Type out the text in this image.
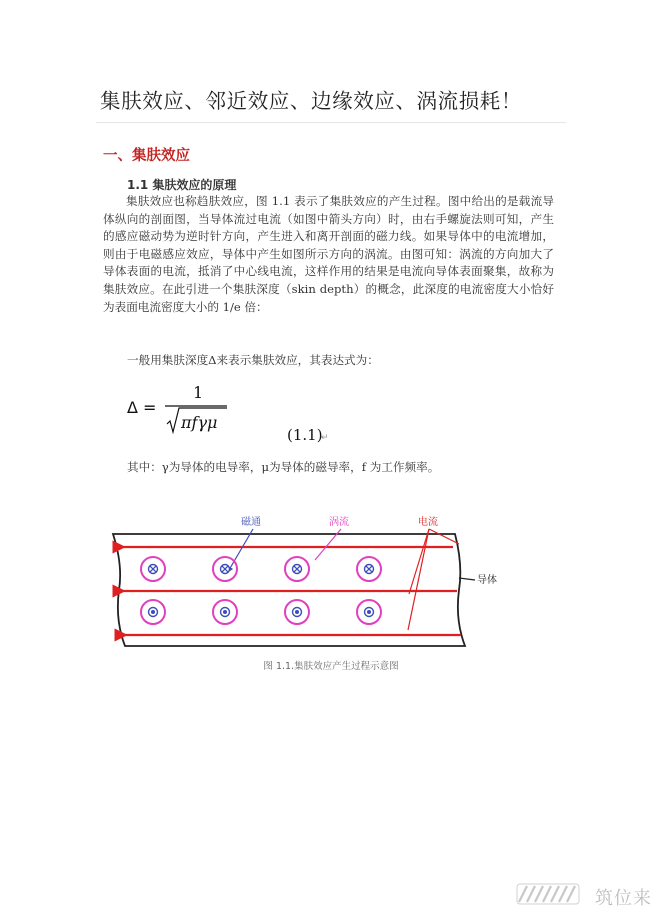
集肤效应、邻近效应、边缘效应、涡流损耗！
一、集肤效应
1.1 集肤效应的原理

集肤效应也称趋肤效应，图 1.1 表示了集肤效应的产生过程。图中给出的是载流导体纵向的剖面图，当导体流过电流（如图中箭头方向）时，由右手螺旋法则可知，产生的感应磁动势为逆时针方向，产生进入和离开剖面的磁力线。如果导体中的电流增加，则由于电磁感应效应，导体中产生如图所示方向的涡流。由图可知：涡流的方向加大了导体表面的电流，抵消了中心线电流，这样作用的结果是电流向导体表面聚集，故称为集肤效应。在此引进一个集肤深度（skin depth）的概念，此深度的电流密度大小恰好为表面电流密度大小的 1/e 倍：

一般用集肤深度Δ来表示集肤效应，其表达式为：
Δ =
1
πfγμ
(1.1)
↵
其中：γ为导体的电导率，μ为导体的磁导率，f 为工作频率。
磁通	涡流	电流
导体
图 1.1.集肤效应产生过程示意图
筑位来
